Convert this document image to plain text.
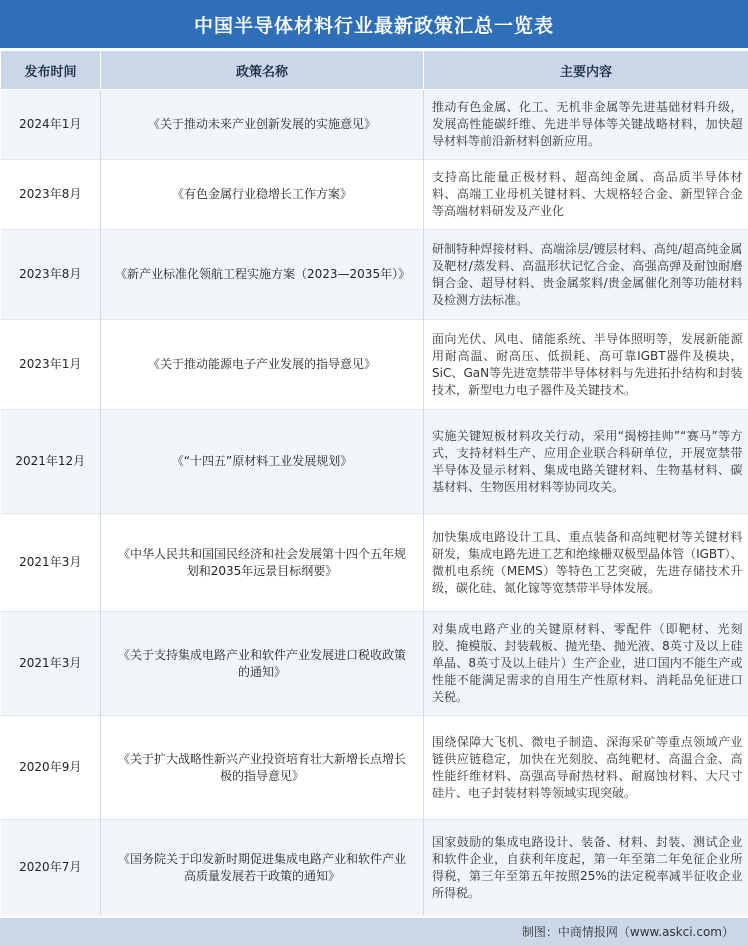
中国半导体材料行业最新政策汇总一览表
发布时间	政策名称	主要内容
2024年1月	《关于推动未来产业创新发展的实施意见》	推动有色金属、化工、无机非金属等先进基础材料升级，发展高性能碳纤维、先进半导体等关键战略材料，加快超导材料等前沿新材料创新应用。
2023年8月	《有色金属行业稳增长工作方案》	支持高比能量正极材料、超高纯金属、高品质半导体材料、高端工业母机关键材料、大规格轻合金、新型锌合金等高端材料研发及产业化
2023年8月	《新产业标准化领航工程实施方案（2023—2035年）》	研制特种焊接材料、高端涂层/镀层材料、高纯/超高纯金属及靶材/蒸发料、高温形状记忆合金、高强高弹及耐蚀耐磨铜合金、超导材料、贵金属浆料/贵金属催化剂等功能材料及检测方法标准。
2023年1月	《关于推动能源电子产业发展的指导意见》	面向光伏、风电、储能系统、半导体照明等，发展新能源用耐高温、耐高压、低损耗、高可靠IGBT器件及模块，SiC、GaN等先进宽禁带半导体材料与先进拓扑结构和封装技术，新型电力电子器件及关键技术。
2021年12月	《“十四五”原材料工业发展规划》	实施关键短板材料攻关行动，采用“揭榜挂帅”“赛马”等方式，支持材料生产、应用企业联合科研单位，开展宽禁带半导体及显示材料、集成电路关键材料、生物基材料、碳基材料、生物医用材料等协同攻关。
2021年3月	《中华人民共和国国民经济和社会发展第十四个五年规划和2035年远景目标纲要》	加快集成电路设计工具、重点装备和高纯靶材等关键材料研发，集成电路先进工艺和绝缘栅双极型晶体管（IGBT）、微机电系统（MEMS）等特色工艺突破，先进存储技术升级，碳化硅、氮化镓等宽禁带半导体发展。
2021年3月	《关于支持集成电路产业和软件产业发展进口税收政策的通知》	对集成电路产业的关键原材料、零配件（即靶材、光刻胶、掩模版、封装载板、抛光垫、抛光液、8英寸及以上硅单晶、8英寸及以上硅片）生产企业，进口国内不能生产或性能不能满足需求的自用生产性原材料、消耗品免征进口关税。
2020年9月	《关于扩大战略性新兴产业投资培育壮大新增长点增长极的指导意见》	围绕保障大飞机、微电子制造、深海采矿等重点领域产业链供应链稳定，加快在光刻胶、高纯靶材、高温合金、高性能纤维材料、高强高导耐热材料、耐腐蚀材料、大尺寸硅片、电子封装材料等领域实现突破。
2020年7月	《国务院关于印发新时期促进集成电路产业和软件产业高质量发展若干政策的通知》	国家鼓励的集成电路设计、装备、材料、封装、测试企业和软件企业，自获利年度起，第一年至第二年免征企业所得税，第三年至第五年按照25%的法定税率减半征收企业所得税。
制图：中商情报网（www.askci.com）
